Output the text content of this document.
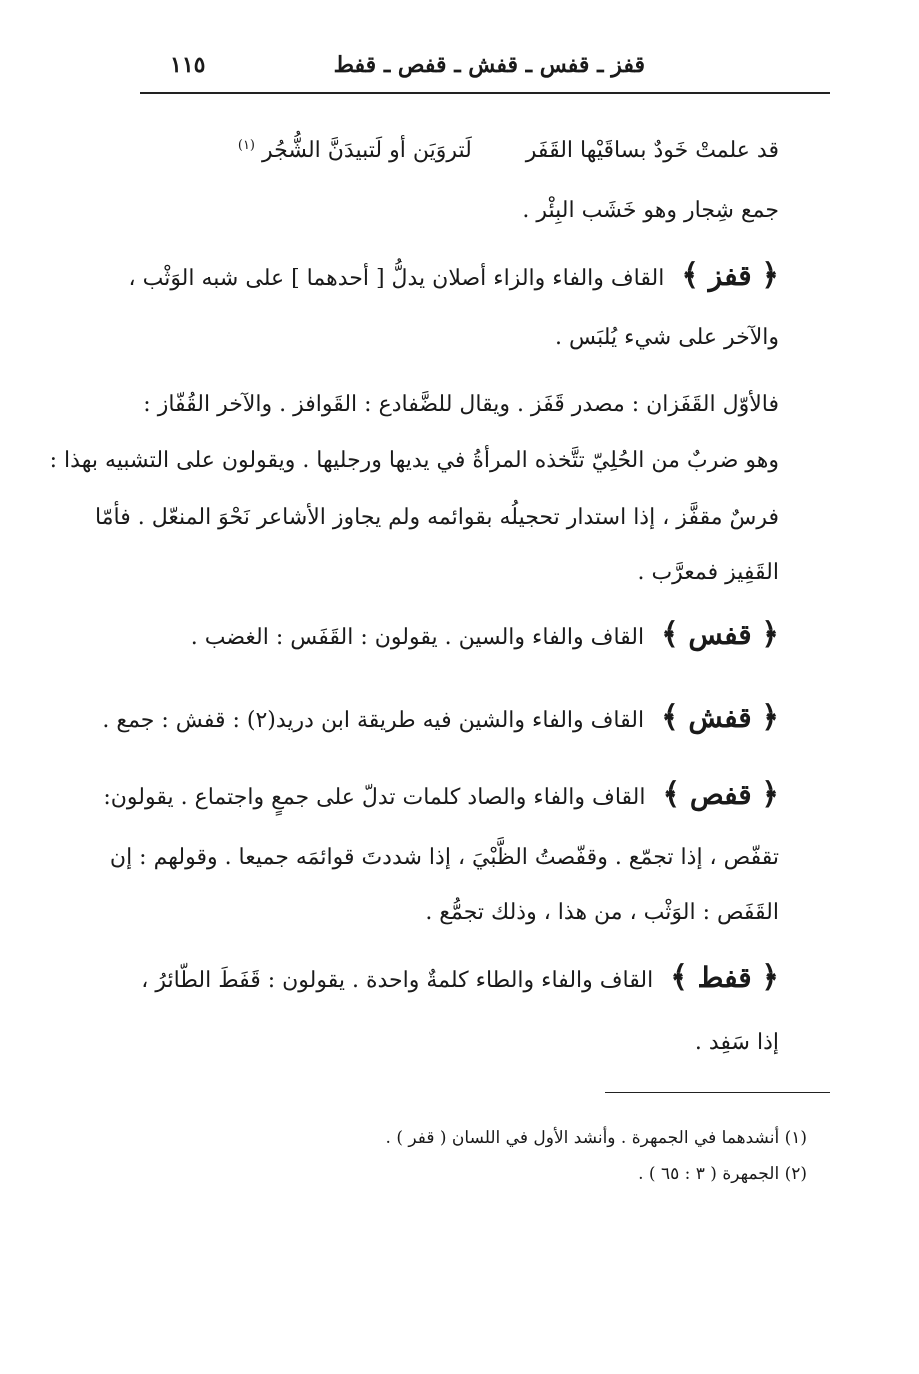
قفز ـ قفس ـ قفش ـ قفص ـ قفط
١١٥
قد علمتْ خَودٌ بساقَيْها القَفَر  لَتروَيَن أو لَتبيدَنَّ الشُّجُر $^{(١)}$
جمع شِجار وهو خَشَب البِئْر .
﴿ قفز ﴾ القاف والفاء والزاء أصلان يدلُّ [ أحدهما ] على شبه الوَثْب ،
والآخر على شيء يُلبَس .
فالأوّل القَفَزان : مصدر قَفَز . ويقال للضَّفادع : القَوافز . والآخر القُفّاز :
وهو ضربٌ من الحُلِيّ تتَّخذه المرأةُ في يديها ورجليها . ويقولون على التشبيه بهذا :
فرسٌ مقفَّز ، إذا استدار تحجيلُه بقوائمه ولم يجاوز الأشاعر نَحْوَ المنعّل . فأمّا
القَفِيز فمعرَّب .
﴿ قفس ﴾ القاف والفاء والسين . يقولون : القَفَس : الغضب .
﴿ قفش ﴾ القاف والفاء والشين فيه طريقة ابن دريد(٢) : قفش : جمع .
﴿ قفص ﴾ القاف والفاء والصاد كلمات تدلّ على جمعٍ واجتماع . يقولون:
تقفّص ، إذا تجمّع . وقفّصتُ الظَّبْيَ ، إذا شددتَ قوائمَه جميعا . وقولهم : إن
القَفَص : الوَثْب ، من هذا ، وذلك تجمُّع .
﴿ قفط ﴾ القاف والفاء والطاء كلمةٌ واحدة . يقولون : قَفَطَ الطّائرُ ،
إذا سَفِد .
(١) أنشدهما في الجمهرة . وأنشد الأول في اللسان ( قفر ) .
(٢) الجمهرة ( ٣ : ٦٥ ) .
